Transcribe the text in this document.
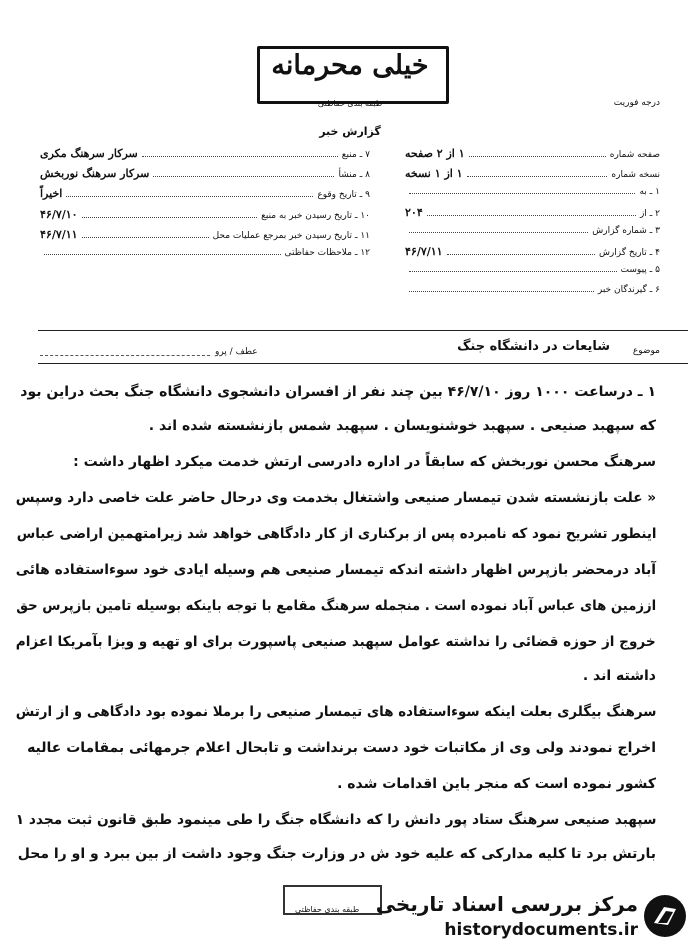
خیلی محرمانه
طبقه بندی حفاظتی	درجه فوریت
گزارش خبر
صفحه شماره
۱ از ۲ صفحه
نسخه شماره
۱ از ۱ نسخه
۱ ـ به
۲ ـ از
۲۰۴
۳ ـ شماره گزارش
۴ ـ تاریخ گزارش
۴۶/۷/۱۱
۵ ـ پیوست
۶ ـ گیرندگان خبر
۷ ـ منبع
سرکار سرهنگ مکری
۸ ـ منشأ
سرکار سرهنگ نوربخش
۹ ـ تاریخ وقوع
اخیراً
۱۰ ـ تاریخ رسیدن خبر به منبع
۴۶/۷/۱۰
۱۱ ـ تاریخ رسیدن خبر بمرجع عملیات محل
۴۶/۷/۱۱
۱۲ ـ ملاحظات حفاظتی
موضوع
شایعات در دانشگاه جنگ
عطف / پرو
۱ ـ درساعت ۱۰۰۰ روز ۴۶/۷/۱۰ بین چند نفر از افسران دانشجوی دانشگاه جنگ بحث دراین بود
که سپهبد صنیعی . سپهبد خوشنویسان . سپهبد شمس بازنشسته شده اند .
سرهنگ محسن نوربخش که سابقاً در اداره دادرسی ارتش خدمت میکرد اظهار داشت :
« علت بازنشسته شدن تیمسار صنیعی واشتغال بخدمت وی درحال حاضر علت خاصی دارد وسپس
اینطور تشریح نمود که نامبرده پس از برکناری از کار دادگاهی خواهد شد زیرامتهمین اراضی عباس
آباد درمحضر بازپرس اظهار داشته اندکه تیمسار صنیعی هم وسیله ایادی خود سوءاستفاده هائی
اززمین های عباس آباد نموده است . منجمله سرهنگ مقامع با توجه باینکه بوسیله تامین بازپرس حق
خروج از حوزه قضائی را نداشته عوامل سپهبد صنیعی پاسپورت برای او تهیه و ویزا بآمریکا اعزام
داشته اند .
سرهنگ بیگلری بعلت اینکه سوءاستفاده های تیمسار صنیعی را برملا نموده بود دادگاهی و از ارتش
اخراج نمودند ولی وی از مکاتبات خود دست برنداشت و تابحال اعلام جرمهائی بمقامات عالیه
کشور نموده است که منجر باین اقدامات شده .
سپهبد صنیعی سرهنگ ستاد پور دانش را که دانشگاه جنگ را طی مینمود طبق قانون ثبت مجدد ۱
بارتش برد تا کلیه مدارکی که علیه خود ش در وزارت جنگ وجود داشت از بین ببرد و او را محل
طبقه بندی حفاظتی مرکز بررسی اسناد تاریخی
historydocuments.ir
